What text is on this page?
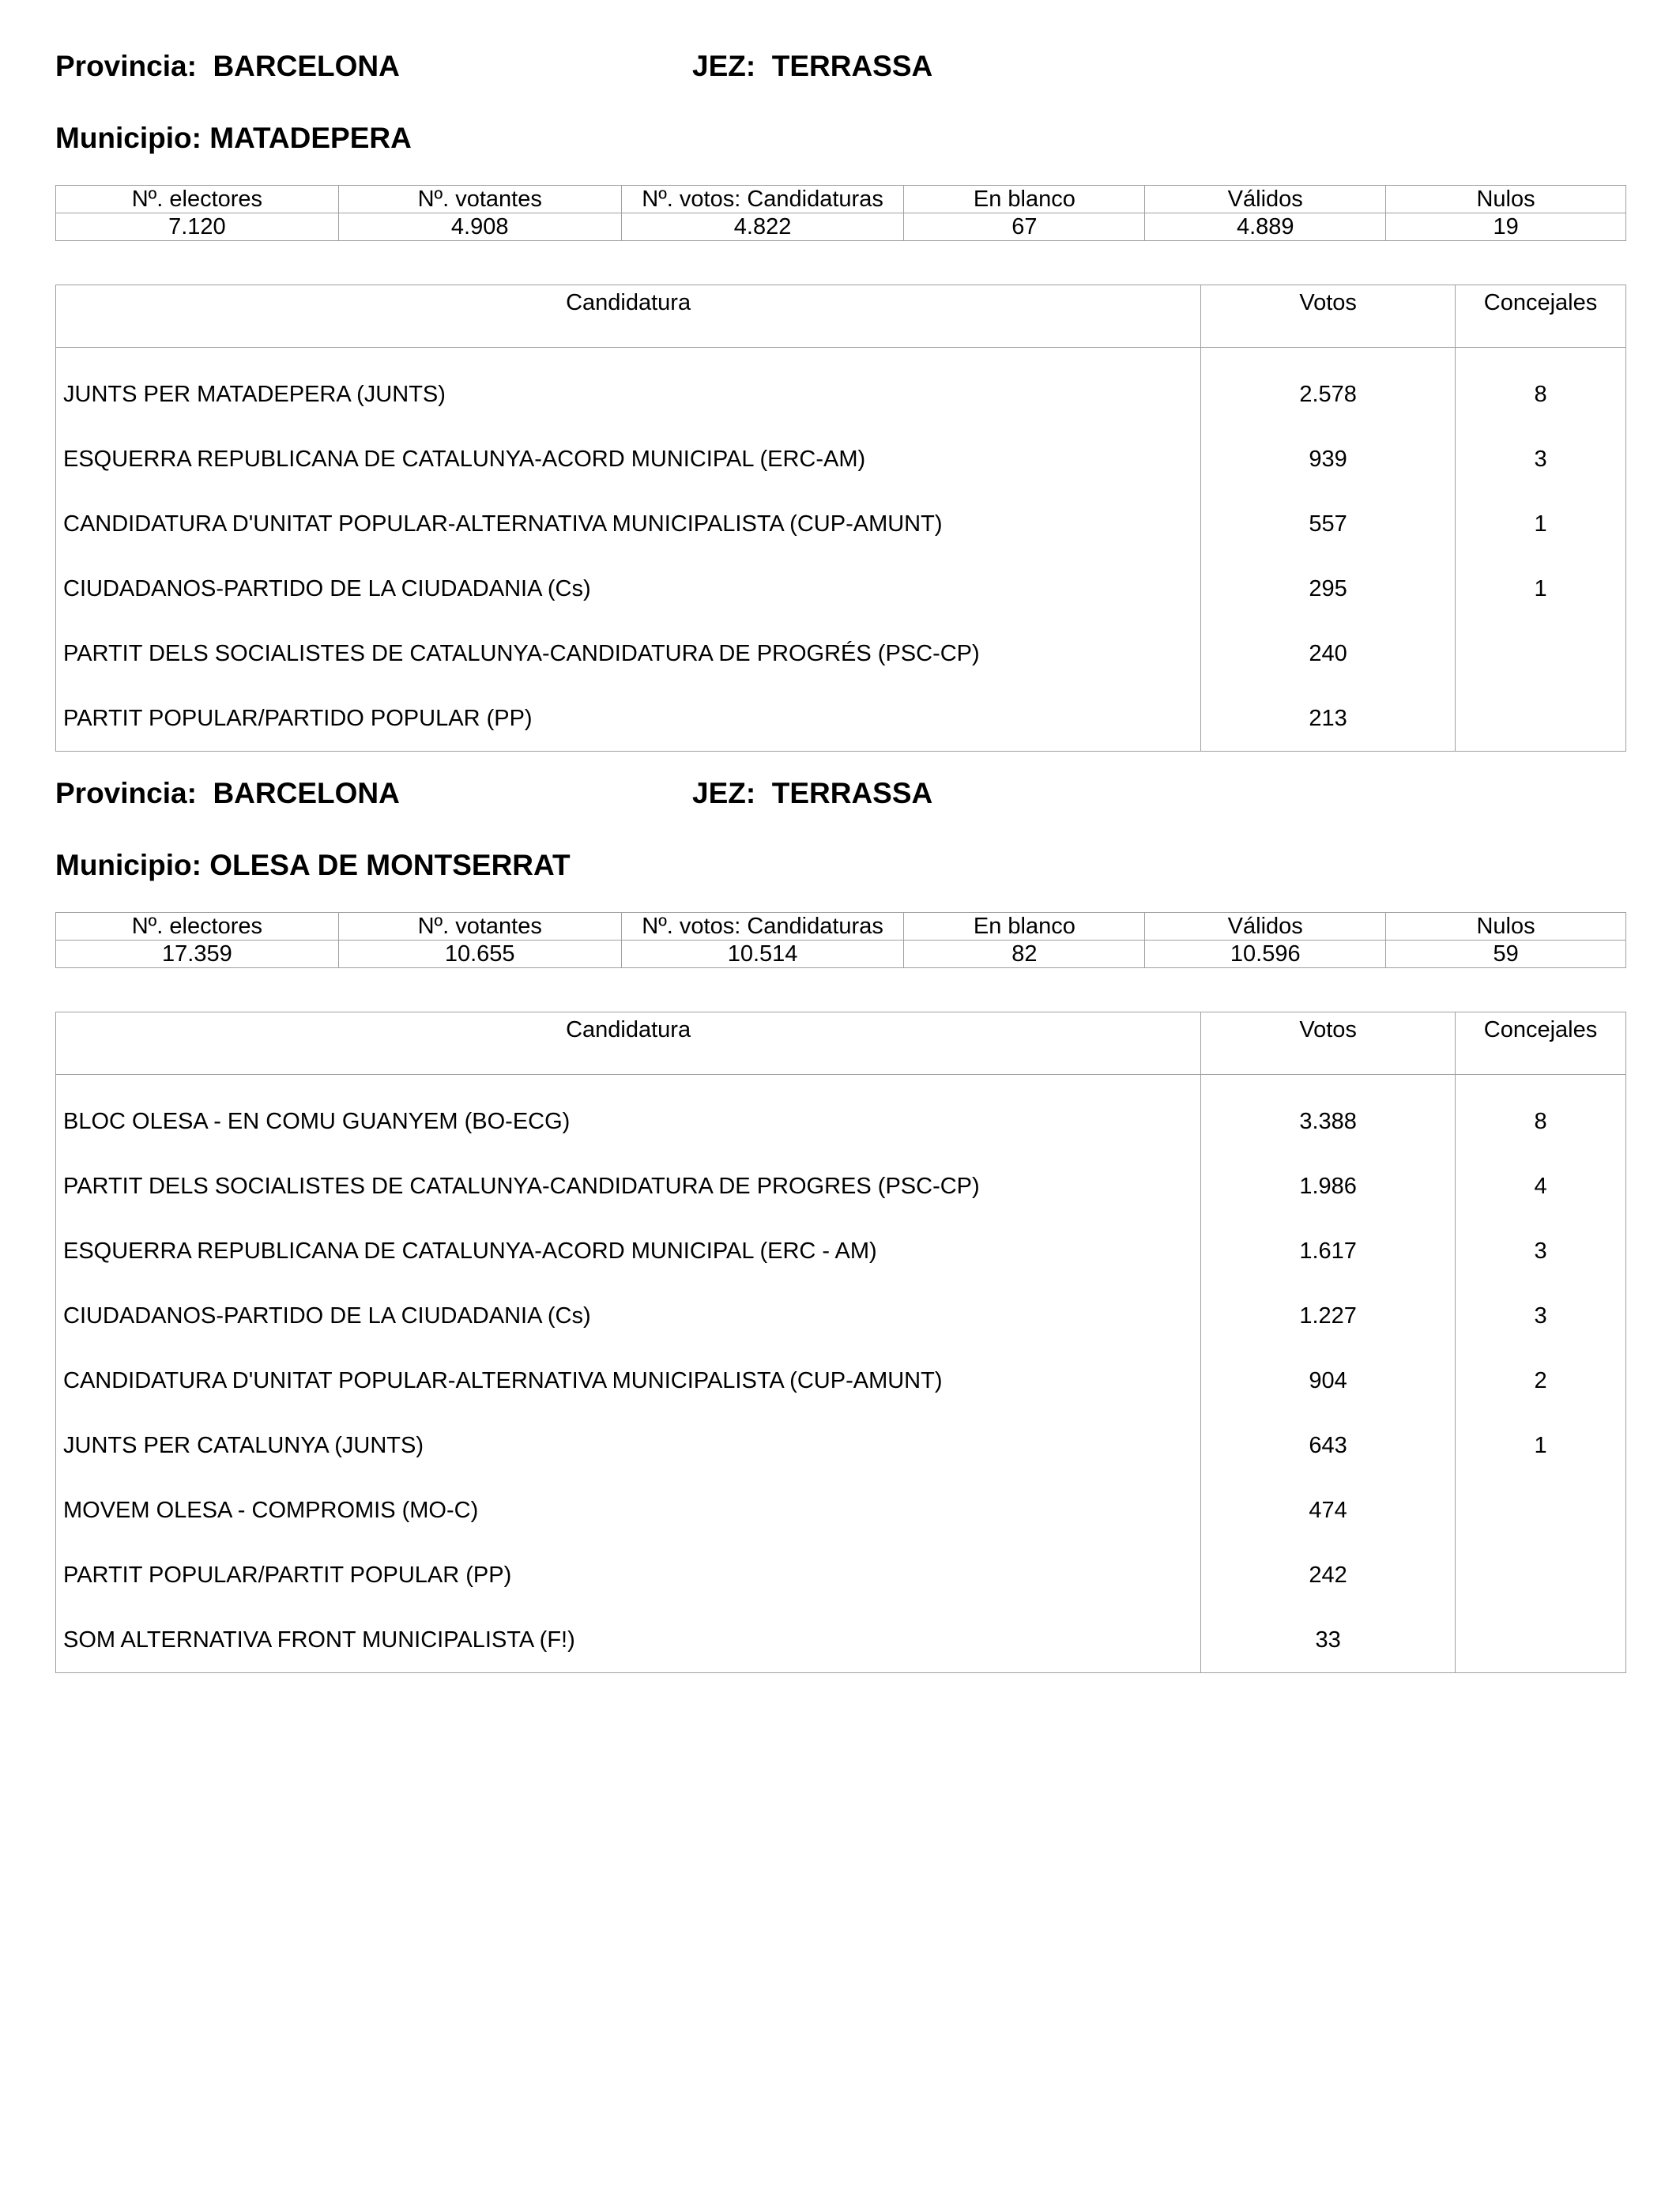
Provincia:  BARCELONA	JEZ:  TERRASSA
Municipio: MATADEPERA
Nº. electores	Nº. votantes	Nº. votos: Candidaturas	En blanco	Válidos	Nulos
7.120	4.908	4.822	67	4.889	19
Candidatura	Votos	Concejales
JUNTS PER MATADEPERA (JUNTS)	2.578	8
ESQUERRA REPUBLICANA DE CATALUNYA-ACORD MUNICIPAL (ERC-AM)	939	3
CANDIDATURA D'UNITAT POPULAR-ALTERNATIVA MUNICIPALISTA (CUP-AMUNT)	557	1
CIUDADANOS-PARTIDO DE LA CIUDADANIA (Cs)	295	1
PARTIT DELS SOCIALISTES DE CATALUNYA-CANDIDATURA DE PROGRÉS (PSC-CP)	240	
PARTIT POPULAR/PARTIDO POPULAR (PP)	213	
Provincia:  BARCELONA	JEZ:  TERRASSA
Municipio: OLESA DE MONTSERRAT
Nº. electores	Nº. votantes	Nº. votos: Candidaturas	En blanco	Válidos	Nulos
17.359	10.655	10.514	82	10.596	59
Candidatura	Votos	Concejales
BLOC OLESA - EN COMU GUANYEM (BO-ECG)	3.388	8
PARTIT DELS SOCIALISTES DE CATALUNYA-CANDIDATURA DE PROGRES (PSC-CP)	1.986	4
ESQUERRA REPUBLICANA DE CATALUNYA-ACORD MUNICIPAL (ERC - AM)	1.617	3
CIUDADANOS-PARTIDO DE LA CIUDADANIA (Cs)	1.227	3
CANDIDATURA D'UNITAT POPULAR-ALTERNATIVA MUNICIPALISTA (CUP-AMUNT)	904	2
JUNTS PER CATALUNYA (JUNTS)	643	1
MOVEM OLESA - COMPROMIS (MO-C)	474	
PARTIT POPULAR/PARTIT POPULAR (PP)	242	
SOM ALTERNATIVA FRONT MUNICIPALISTA (F!)	33	
